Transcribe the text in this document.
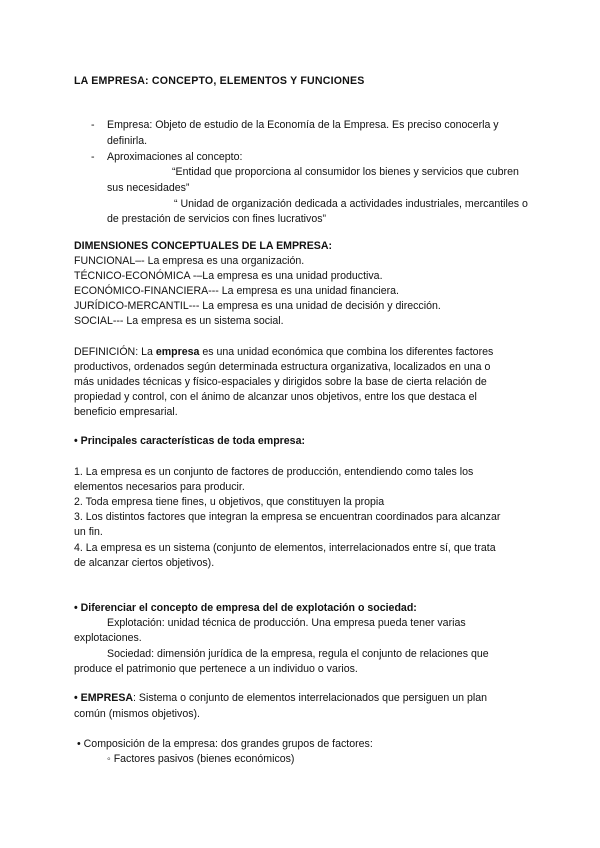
LA EMPRESA: CONCEPTO, ELEMENTOS Y FUNCIONES
- Empresa: Objeto de estudio de la Economía de la Empresa. Es preciso conocerla y
definirla.
- Aproximaciones al concepto:
“Entidad que proporciona al consumidor los bienes y servicios que cubren
sus necesidades”
“ Unidad de organización dedicada a actividades industriales, mercantiles o
de prestación de servicios con fines lucrativos”
DIMENSIONES CONCEPTUALES DE LA EMPRESA:
FUNCIONAL–- La empresa es una organización.
TÉCNICO-ECONÓMICA -–La empresa es una unidad productiva.
ECONÓMICO-FINANCIERA--- La empresa es una unidad financiera.
JURÍDICO-MERCANTIL--- La empresa es una unidad de decisión y dirección.
SOCIAL--- La empresa es un sistema social.
DEFINICIÓN: La empresa es una unidad económica que combina los diferentes factores
productivos, ordenados según determinada estructura organizativa, localizados en una o
más unidades técnicas y físico-espaciales y dirigidos sobre la base de cierta relación de
propiedad y control, con el ánimo de alcanzar unos objetivos, entre los que destaca el
beneficio empresarial.
• Principales características de toda empresa:
1. La empresa es un conjunto de factores de producción, entendiendo como tales los
elementos necesarios para producir.
2. Toda empresa tiene fines, u objetivos, que constituyen la propia
3. Los distintos factores que integran la empresa se encuentran coordinados para alcanzar
un fin.
4. La empresa es un sistema (conjunto de elementos, interrelacionados entre sí, que trata
de alcanzar ciertos objetivos).
• Diferenciar el concepto de empresa del de explotación o sociedad:
Explotación: unidad técnica de producción. Una empresa pueda tener varias
explotaciones.
Sociedad: dimensión jurídica de la empresa, regula el conjunto de relaciones que
produce el patrimonio que pertenece a un individuo o varios.
• EMPRESA: Sistema o conjunto de elementos interrelacionados que persiguen un plan
común (mismos objetivos).
• Composición de la empresa: dos grandes grupos de factores:
◦ Factores pasivos (bienes económicos)
